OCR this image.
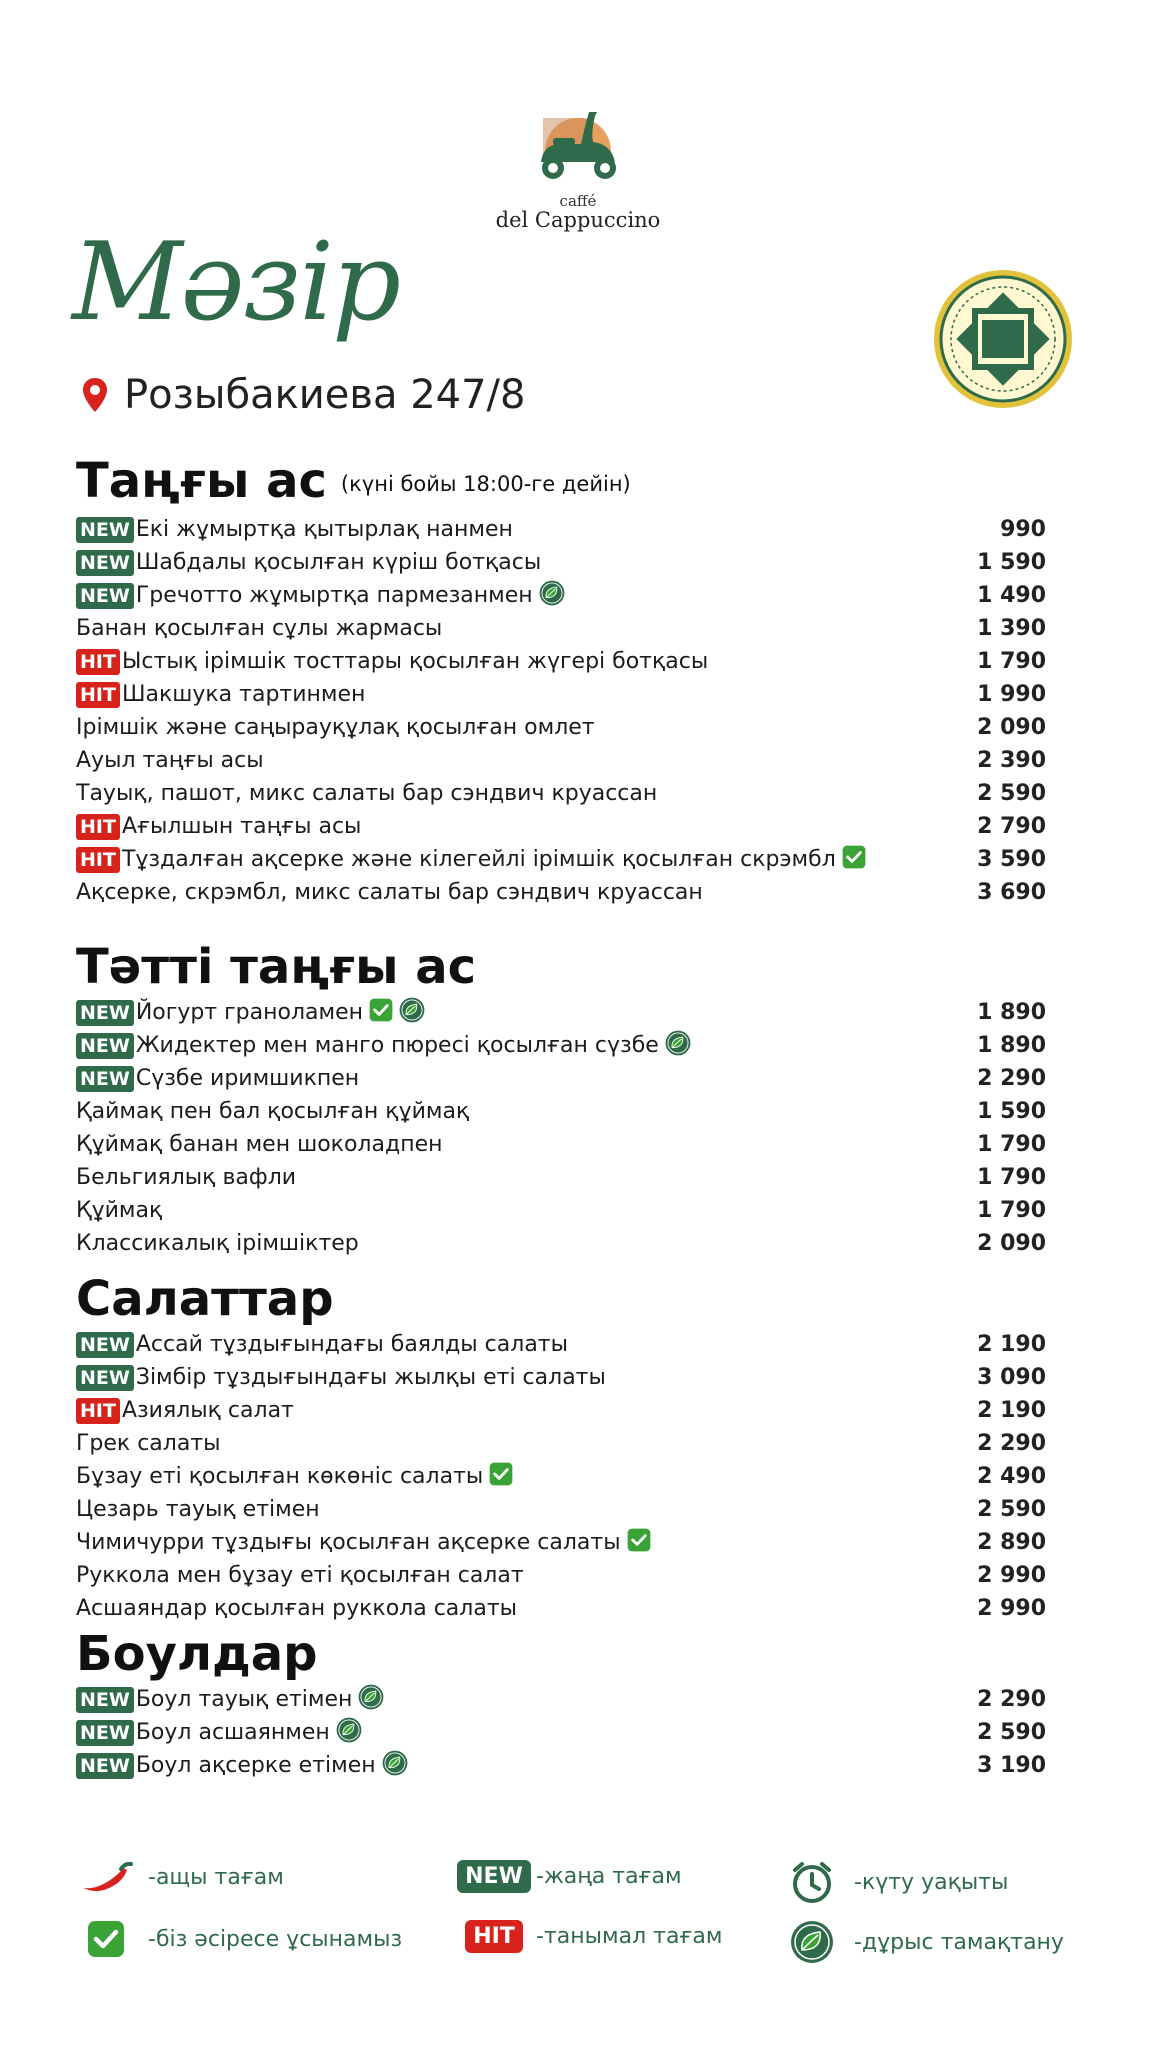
caffé
del Cappuccino
Мәзір
Розыбакиева 247/8
Таңғы ас (күні бойы 18:00-ге дейін)
NEW Екі жұмыртқа қытырлақ нанмен	990
NEW Шабдалы қосылған күріш ботқасы	1 590
NEW Гречотто жұмыртқа пармезанмен	1 490
Банан қосылған сұлы жармасы	1 390
HIT Ыстық ірімшік тосттары қосылған жүгері ботқасы	1 790
HIT Шакшука тартинмен	1 990
Ірімшік және саңырауқұлақ қосылған омлет	2 090
Ауыл таңғы асы	2 390
Тауық, пашот, микс салаты бар сэндвич круассан	2 590
HIT Ағылшын таңғы асы	2 790
HIT Тұздалған ақсерке және кілегейлі ірімшік қосылған скрэмбл	3 590
Ақсерке, скрэмбл, микс салаты бар сэндвич круассан	3 690
Тәтті таңғы ас
NEW Йогурт граноламен	1 890
NEW Жидектер мен манго пюресі қосылған сүзбе	1 890
NEW Сүзбе иримшикпен	2 290
Қаймақ пен бал қосылған құймақ	1 590
Құймақ банан мен шоколадпен	1 790
Бельгиялық вафли	1 790
Құймақ	1 790
Классикалық ірімшіктер	2 090
Салаттар
NEW Ассай тұздығындағы баялды салаты	2 190
NEW Зімбір тұздығындағы жылқы еті салаты	3 090
HIT Азиялық салат	2 190
Грек салаты	2 290
Бұзау еті қосылған көкөніс салаты	2 490
Цезарь тауық етімен	2 590
Чимичурри тұздығы қосылған ақсерке салаты	2 890
Руккола мен бұзау еті қосылған салат	2 990
Асшаяндар қосылған руккола салаты	2 990
Боулдар
NEW Боул тауық етімен	2 290
NEW Боул асшаянмен	2 590
NEW Боул ақсерке етімен	3 190
-ащы тағам	NEW -жаңа тағам	-күту уақыты
-біз әсіресе ұсынамыз	HIT -танымал тағам	-дұрыс тамақтану
